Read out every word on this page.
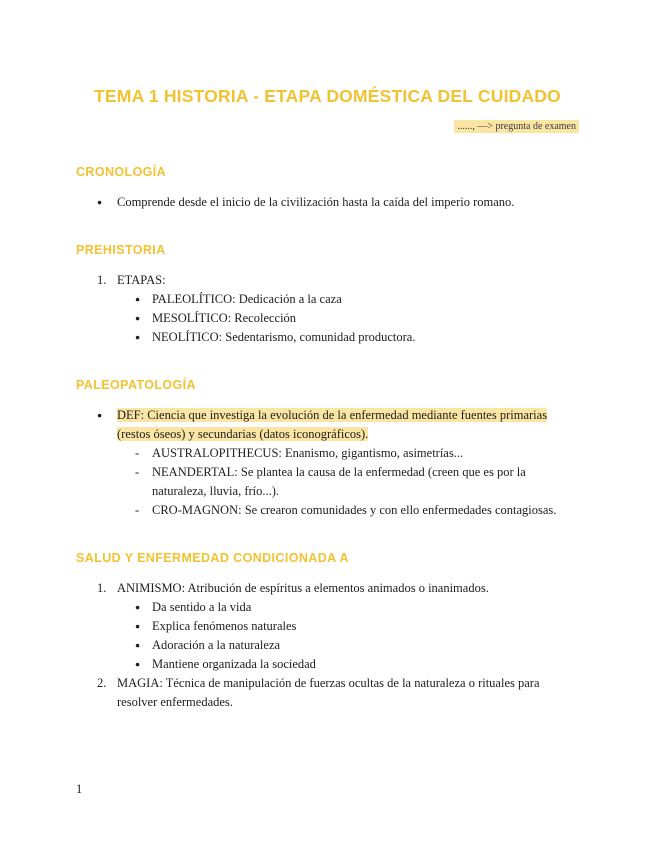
TEMA 1 HISTORIA - ETAPA DOMÉSTICA DEL CUIDADO
......, —> pregunta de examen
CRONOLOGÍA
●	Comprende desde el inicio de la civilización hasta la caída del imperio romano.
PREHISTORIA
1. ETAPAS:
● PALEOLÍTICO: Dedicación a la caza
● MESOLÍTICO: Recolección
● NEOLÍTICO: Sedentarismo, comunidad productora.
PALEOPATOLOGÍA
●	DEF: Ciencia que investiga la evolución de la enfermedad mediante fuentes primarias (restos óseos) y secundarias (datos iconográficos).
-	AUSTRALOPITHECUS: Enanismo, gigantismo, asimetrías...
-	NEANDERTAL: Se plantea la causa de la enfermedad (creen que es por la naturaleza, lluvia, frío...).
-	CRO-MAGNON: Se crearon comunidades y con ello enfermedades contagiosas.
SALUD Y ENFERMEDAD CONDICIONADA A
1. ANIMISMO: Atribución de espíritus a elementos animados o inanimados.
● Da sentido a la vida
● Explica fenómenos naturales
● Adoración a la naturaleza
● Mantiene organizada la sociedad
2. MAGIA: Técnica de manipulación de fuerzas ocultas de la naturaleza o rituales para resolver enfermedades.
1
